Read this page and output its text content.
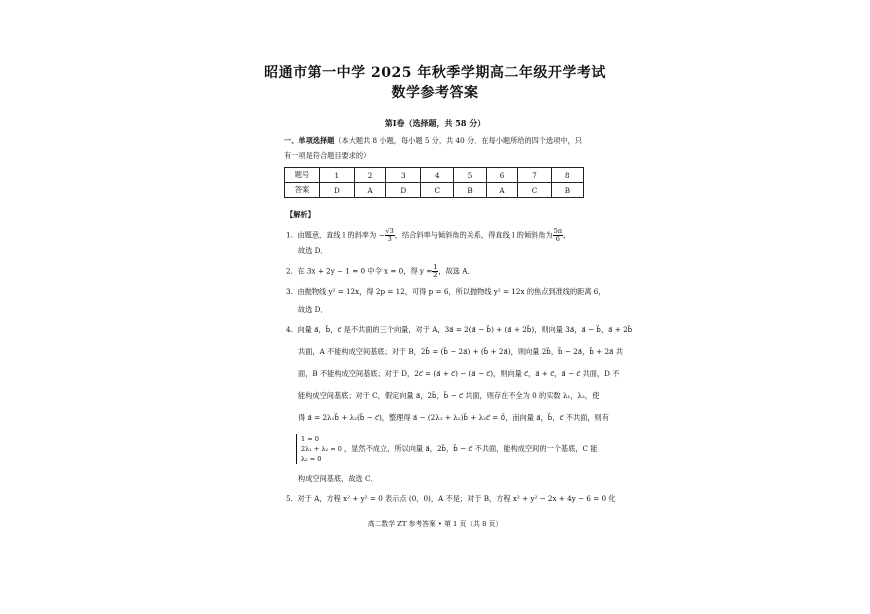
昭通市第一中学 2025 年秋季学期高二年级开学考试
数学参考答案
第Ⅰ卷（选择题，共 58 分）
一、单项选择题（本大题共 8 小题，每小题 5 分，共 40 分．在每小题所给的四个选项中，只
有一项是符合题目要求的）
题号	1	2	3	4	5	6	7	8
答案	D	A	D	C	B	A	C	B
【解析】
1. 由题意，直线 l 的斜率为 − $\frac{√3}{3}$ ，结合斜率与倾斜角的关系，得直线 l 的倾斜角为 $\frac{5\pi}{6}$ ，
故选 D．
2. 在 3x + 2y − 1 = 0 中令 x = 0，得 $y = \frac{1}{2}$ ，故选 A．
3. 由抛物线 y² = 12x，得 2p = 12，可得 p = 6，所以抛物线 y² = 12x 的焦点到准线的距离 6，
故选 D．
4. 向量 a⃗，b⃗，c⃗ 是不共面的三个向量，对于 A，3a⃗ = 2(a⃗ − b⃗) + (a⃗ + 2b⃗)，则向量 3a⃗，a⃗ − b⃗，a⃗ + 2b⃗
共面，A 不能构成空间基底；对于 B，2b⃗ = (b⃗ − 2a⃗) + (b⃗ + 2a⃗)，则向量 2b⃗，b⃗ − 2a⃗，b⃗ + 2a⃗ 共
面，B 不能构成空间基底；对于 D，2c⃗ = (a⃗ + c⃗) − (a⃗ − c⃗)，则向量 c⃗，a⃗ + c⃗，a⃗ − c⃗ 共面，D 不
能构成空间基底；对于 C，假定向量 a⃗，2b⃗，b⃗ − c⃗ 共面，则存在不全为 0 的实数 λ₁，λ₂，使
得 a⃗ = 2λ₁b⃗ + λ₂(b⃗ − c⃗)，整理得 a⃗ − (2λ₁ + λ₂)b⃗ + λ₂c⃗ = 0⃗，而向量 a⃗，b⃗，c⃗ 不共面，则有
1 = 0
2λ₁ + λ₂ = 0
λ₂ = 0
，显然不成立，所以向量 a⃗，2b⃗，b⃗ − c⃗ 不共面，能构成空间的一个基底，C 能
构成空间基底，故选 C．
5. 对于 A，方程 x² + y² = 0 表示点 (0，0)，A 不是；对于 B，方程 x² + y² − 2x + 4y − 6 = 0 化
高二数学 ZT 参考答案 • 第 1 页（共 8 页）
